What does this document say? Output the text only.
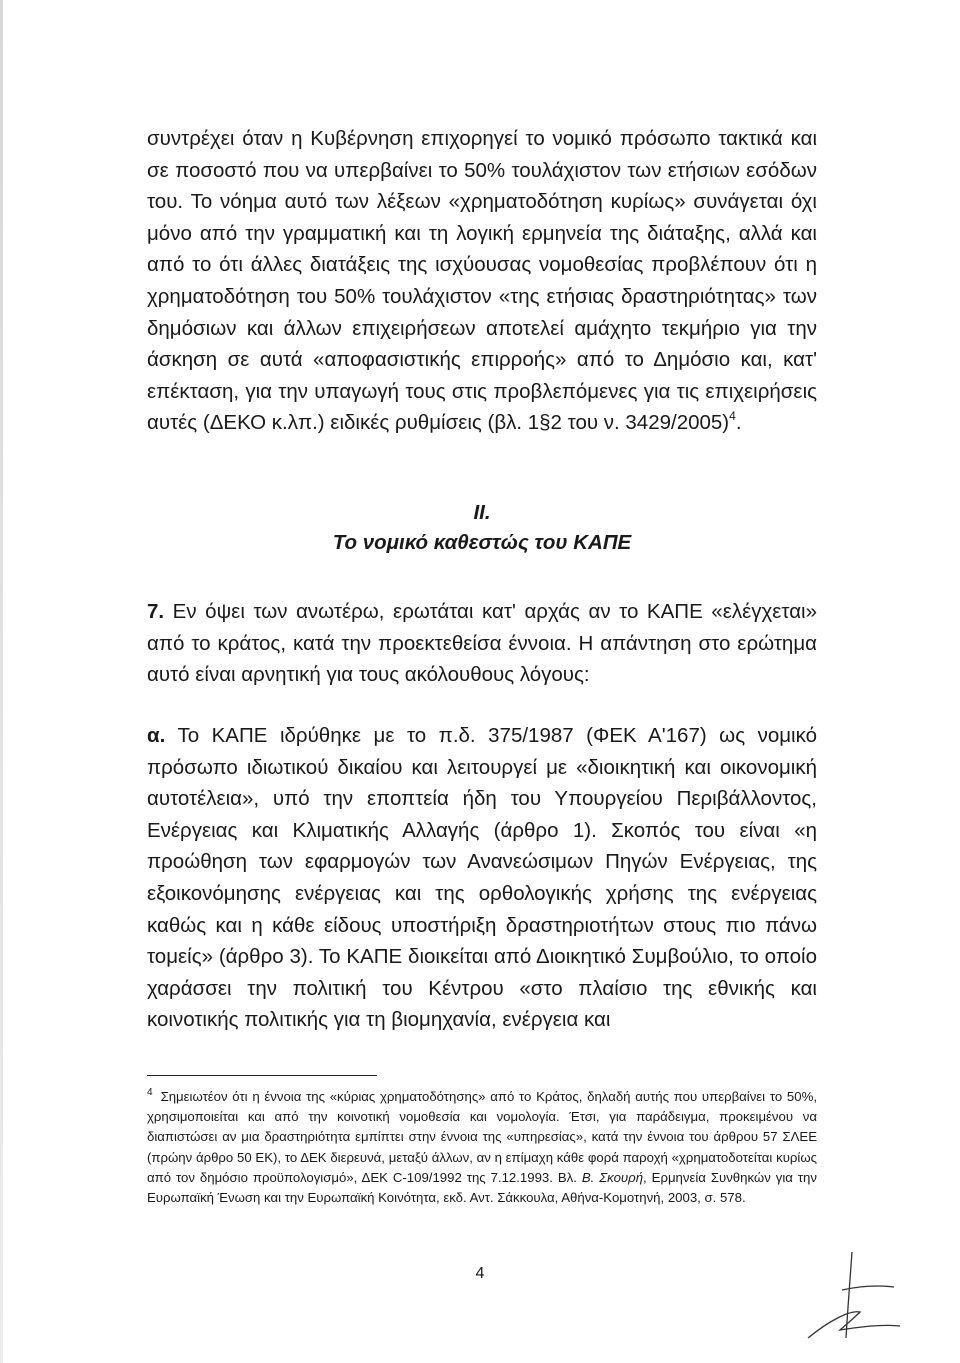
συντρέχει όταν η Κυβέρνηση επιχορηγεί το νομικό πρόσωπο τακτικά και σε ποσοστό που να υπερβαίνει το 50% τουλάχιστον των ετήσιων εσόδων του. Το νόημα αυτό των λέξεων «χρηματοδότηση κυρίως» συνάγεται όχι μόνο από την γραμματική και τη λογική ερμηνεία της διάταξης, αλλά και από το ότι άλλες διατάξεις της ισχύουσας νομοθεσίας προβλέπουν ότι η χρηματοδότηση του 50% τουλάχιστον «της ετήσιας δραστηριότητας» των δημόσιων και άλλων επιχειρήσεων αποτελεί αμάχητο τεκμήριο για την άσκηση σε αυτά «αποφασιστικής επιρροής» από το Δημόσιο και, κατ' επέκταση, για την υπαγωγή τους στις προβλεπόμενες για τις επιχειρήσεις αυτές (ΔΕΚΟ κ.λπ.) ειδικές ρυθμίσεις (βλ. 1§2 του ν. 3429/2005)$^4$.

II.
Το νομικό καθεστώς του ΚΑΠΕ

7. Εν όψει των ανωτέρω, ερωτάται κατ' αρχάς αν το ΚΑΠΕ «ελέγχεται» από το κράτος, κατά την προεκτεθείσα έννοια. Η απάντηση στο ερώτημα αυτό είναι αρνητική για τους ακόλουθους λόγους:

α. Το ΚΑΠΕ ιδρύθηκε με το π.δ. 375/1987 (ΦΕΚ Α'167) ως νομικό πρόσωπο ιδιωτικού δικαίου και λειτουργεί με «διοικητική και οικονομική αυτοτέλεια», υπό την εποπτεία ήδη του Υπουργείου Περιβάλλοντος, Ενέργειας και Κλιματικής Αλλαγής (άρθρο 1). Σκοπός του είναι «η προώθηση των εφαρμογών των Ανανεώσιμων Πηγών Ενέργειας, της εξοικονόμησης ενέργειας και της ορθολογικής χρήσης της ενέργειας καθώς και η κάθε είδους υποστήριξη δραστηριοτήτων στους πιο πάνω τομείς» (άρθρο 3). Το ΚΑΠΕ διοικείται από Διοικητικό Συμβούλιο, το οποίο χαράσσει την πολιτική του Κέντρου «στο πλαίσιο της εθνικής και κοινοτικής πολιτικής για τη βιομηχανία, ενέργεια και

$^4$ Σημειωτέον ότι η έννοια της «κύριας χρηματοδότησης» από το Κράτος, δηλαδή αυτής που υπερβαίνει το 50%, χρησιμοποιείται και από την κοινοτική νομοθεσία και νομολογία. Έτσι, για παράδειγμα, προκειμένου να διαπιστώσει αν μια δραστηριότητα εμπίπτει στην έννοια της «υπηρεσίας», κατά την έννοια του άρθρου 57 ΣΛΕΕ (πρώην άρθρο 50 ΕΚ), το ΔΕΚ διερευνά, μεταξύ άλλων, αν η επίμαχη κάθε φορά παροχή «χρηματοδοτείται κυρίως από τον δημόσιο προϋπολογισμό», ΔΕΚ C-109/1992 της 7.12.1993. Βλ. Β. Σκουρή, Ερμηνεία Συνθηκών για την Ευρωπαϊκή Ένωση και την Ευρωπαϊκή Κοινότητα, εκδ. Αντ. Σάκκουλα, Αθήνα-Κομοτηνή, 2003, σ. 578.

4
